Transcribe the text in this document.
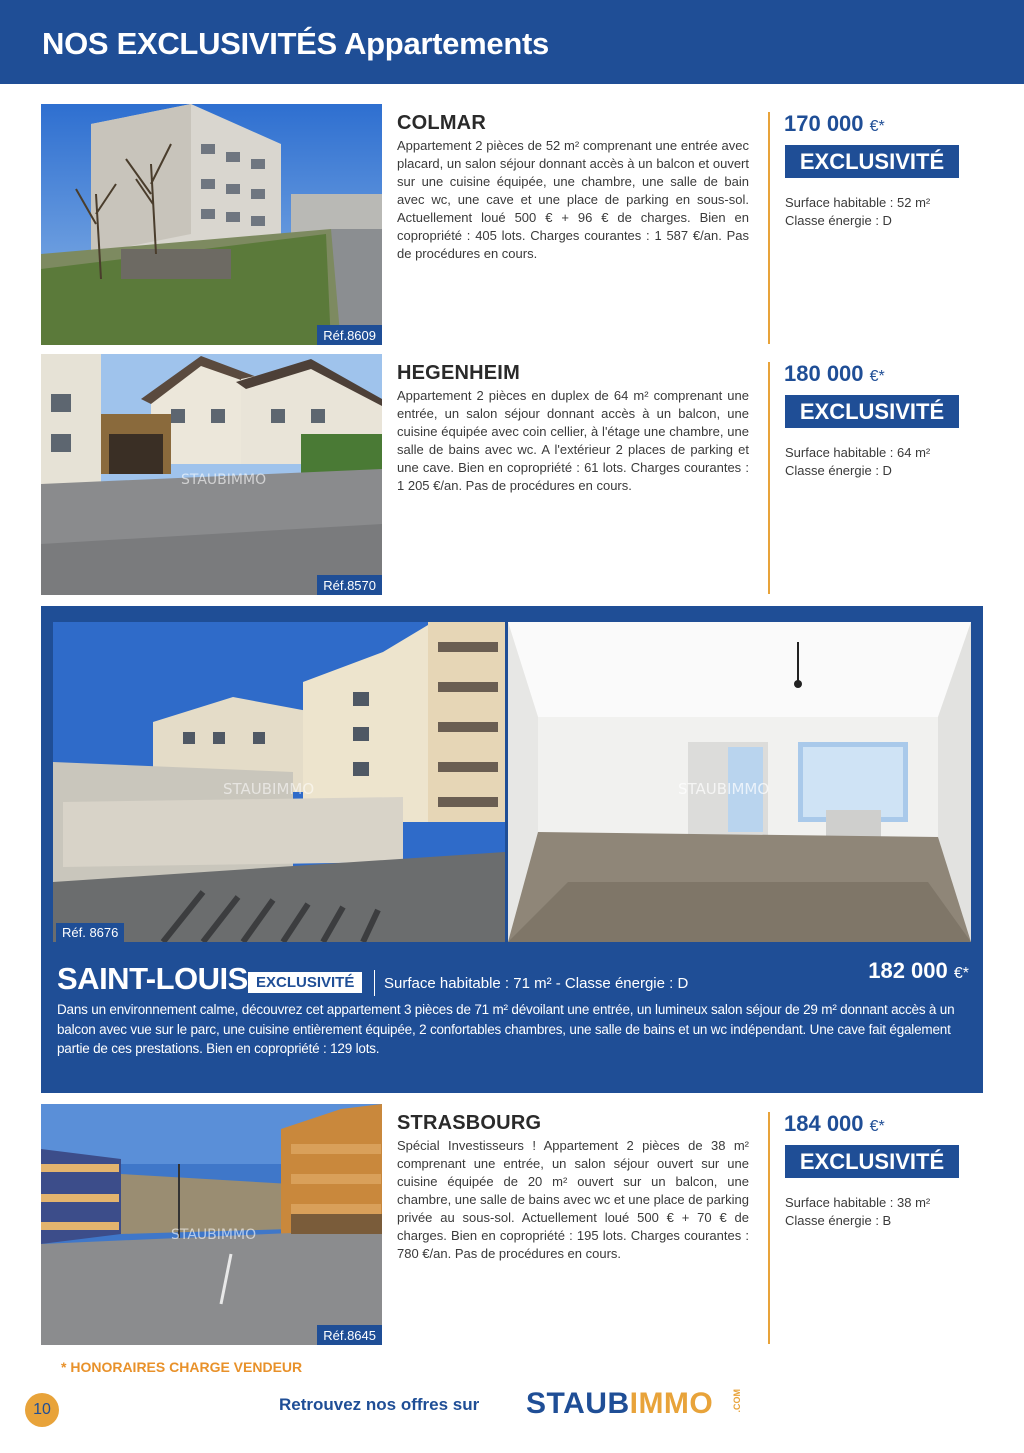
NOS EXCLUSIVITÉS Appartements
Réf.8609
COLMAR
Appartement 2 pièces de 52 m² comprenant une entrée avec placard, un salon séjour donnant accès à un balcon et ouvert sur une cuisine équipée, une chambre, une salle de bain avec wc, une cave et une place de parking en sous-sol. Actuellement loué 500 € + 96 € de charges. Bien en copropriété : 405 lots. Charges courantes : 1 587 €/an. Pas de procédures en cours.
170 000 €*
EXCLUSIVITÉ
Surface habitable : 52 m²
Classe énergie : D
STAUBIMMO
Réf.8570
HEGENHEIM
Appartement 2 pièces en duplex de 64 m² comprenant une entrée, un salon séjour donnant accès à un balcon, une cuisine équipée avec coin cellier, à l'étage une chambre, une salle de bains avec wc. A l'extérieur 2 places de parking et une cave. Bien en copropriété : 61 lots. Charges courantes : 1 205 €/an. Pas de procédures en cours.
180 000 €*
EXCLUSIVITÉ
Surface habitable : 64 m²
Classe énergie : D
STAUBIMMO	STAUBIMMO
Réf. 8676
SAINT-LOUIS EXCLUSIVITÉ	Surface habitable : 71 m² - Classe énergie : D
182 000 €*
Dans un environnement calme, découvrez cet appartement 3 pièces de 71 m² dévoilant une entrée, un lumineux salon séjour de 29 m² donnant accès à un balcon avec vue sur le parc, une cuisine entièrement équipée, 2 confortables chambres, une salle de bains et un wc indépendant. Une cave fait également partie de ces prestations. Bien en copropriété : 129 lots.
STAUBIMMO
Réf.8645
STRASBOURG
Spécial Investisseurs ! Appartement 2 pièces de 38 m² comprenant une entrée, un salon séjour ouvert sur une cuisine équipée de 20 m² ouvert sur un balcon, une chambre, une salle de bains avec wc et une place de parking privée au sous-sol. Actuellement loué 500 € + 70 € de charges. Bien en copropriété : 195 lots. Charges courantes : 780 €/an. Pas de procédures en cours.
184 000 €*
EXCLUSIVITÉ
Surface habitable : 38 m²
Classe énergie : B
* HONORAIRES CHARGE VENDEUR
10	Retrouvez nos offres sur STAUBIMMO .COM
